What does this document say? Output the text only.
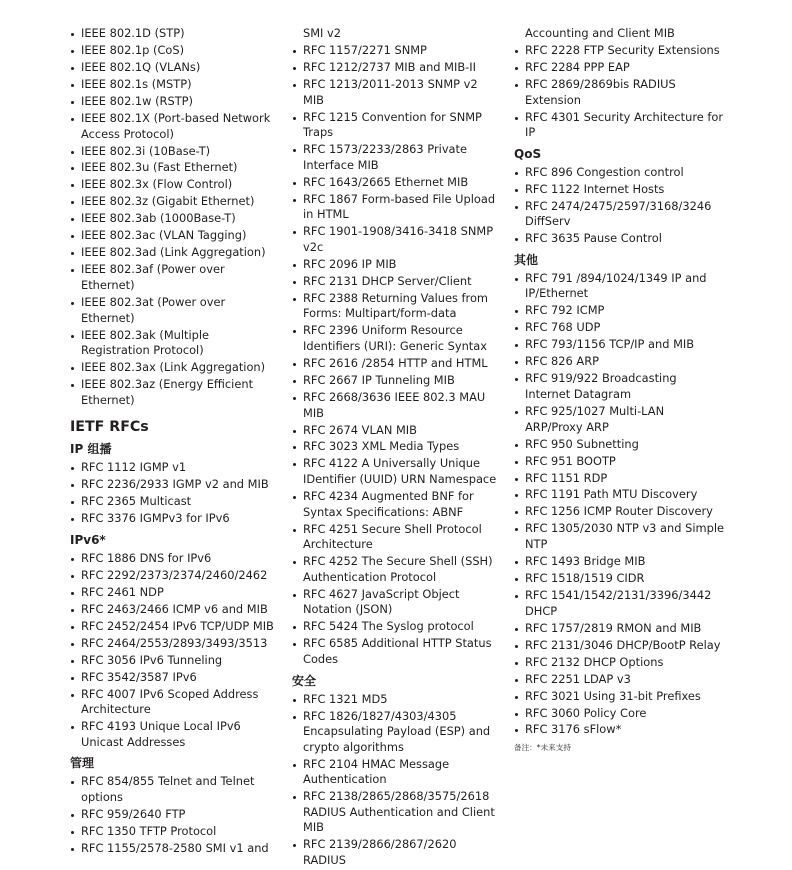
IEEE 802.1D (STP)
IEEE 802.1p (CoS)
IEEE 802.1Q (VLANs)
IEEE 802.1s (MSTP)
IEEE 802.1w (RSTP)
IEEE 802.1X (Port-based Network Access Protocol)
IEEE 802.3i (10Base-T)
IEEE 802.3u (Fast Ethernet)
IEEE 802.3x (Flow Control)
IEEE 802.3z (Gigabit Ethernet)
IEEE 802.3ab (1000Base-T)
IEEE 802.3ac (VLAN Tagging)
IEEE 802.3ad (Link Aggregation)
IEEE 802.3af (Power over Ethernet)
IEEE 802.3at (Power over Ethernet)
IEEE 802.3ak (Multiple Registration Protocol)
IEEE 802.3ax (Link Aggregation)
IEEE 802.3az (Energy Efficient Ethernet)
IETF RFCs
IP 组播
RFC 1112 IGMP v1
RFC 2236/2933 IGMP v2 and MIB
RFC 2365 Multicast
RFC 3376 IGMPv3 for IPv6
IPv6*
RFC 1886 DNS for IPv6
RFC 2292/2373/2374/2460/2462
RFC 2461 NDP
RFC 2463/2466 ICMP v6 and MIB
RFC 2452/2454 IPv6 TCP/UDP MIB
RFC 2464/2553/2893/3493/3513
RFC 3056 IPv6 Tunneling
RFC 3542/3587 IPv6
RFC 4007 IPv6 Scoped Address Architecture
RFC 4193 Unique Local IPv6 Unicast Addresses
管理
RFC 854/855 Telnet and Telnet options
RFC 959/2640 FTP
RFC 1350 TFTP Protocol
RFC 1155/2578-2580 SMI v1 and
SMI v2
RFC 1157/2271 SNMP
RFC 1212/2737 MIB and MIB-II
RFC 1213/2011-2013 SNMP v2 MIB
RFC 1215 Convention for SNMP Traps
RFC 1573/2233/2863 Private Interface MIB
RFC 1643/2665 Ethernet MIB
RFC 1867 Form-based File Upload in HTML
RFC 1901-1908/3416-3418 SNMP v2c
RFC 2096 IP MIB
RFC 2131 DHCP Server/Client
RFC 2388 Returning Values from Forms: Multipart/form-data
RFC 2396 Uniform Resource Identifiers (URI): Generic Syntax
RFC 2616 /2854 HTTP and HTML
RFC 2667 IP Tunneling MIB
RFC 2668/3636 IEEE 802.3 MAU MIB
RFC 2674 VLAN MIB
RFC 3023 XML Media Types
RFC 4122 A Universally Unique IDentifier (UUID) URN Namespace
RFC 4234 Augmented BNF for Syntax Specifications: ABNF
RFC 4251 Secure Shell Protocol Architecture
RFC 4252 The Secure Shell (SSH) Authentication Protocol
RFC 4627 JavaScript Object Notation (JSON)
RFC 5424 The Syslog protocol
RFC 6585 Additional HTTP Status Codes
安全
RFC 1321 MD5
RFC 1826/1827/4303/4305 Encapsulating Payload (ESP) and crypto algorithms
RFC 2104 HMAC Message Authentication
RFC 2138/2865/2868/3575/2618 RADIUS Authentication and Client MIB
RFC 2139/2866/2867/2620 RADIUS
Accounting and Client MIB
RFC 2228 FTP Security Extensions
RFC 2284 PPP EAP
RFC 2869/2869bis RADIUS Extension
RFC 4301 Security Architecture for IP
QoS
RFC 896 Congestion control
RFC 1122 Internet Hosts
RFC 2474/2475/2597/3168/3246 DiffServ
RFC 3635 Pause Control
其他
RFC 791 /894/1024/1349 IP and IP/Ethernet
RFC 792 ICMP
RFC 768 UDP
RFC 793/1156 TCP/IP and MIB
RFC 826 ARP
RFC 919/922 Broadcasting Internet Datagram
RFC 925/1027 Multi-LAN ARP/Proxy ARP
RFC 950 Subnetting
RFC 951 BOOTP
RFC 1151 RDP
RFC 1191 Path MTU Discovery
RFC 1256 ICMP Router Discovery
RFC 1305/2030 NTP v3 and Simple NTP
RFC 1493 Bridge MIB
RFC 1518/1519 CIDR
RFC 1541/1542/2131/3396/3442 DHCP
RFC 1757/2819 RMON and MIB
RFC 2131/3046 DHCP/BootP Relay
RFC 2132 DHCP Options
RFC 2251 LDAP v3
RFC 3021 Using 31-bit Prefixes
RFC 3060 Policy Core
RFC 3176 sFlow*
备注：*未来支持
